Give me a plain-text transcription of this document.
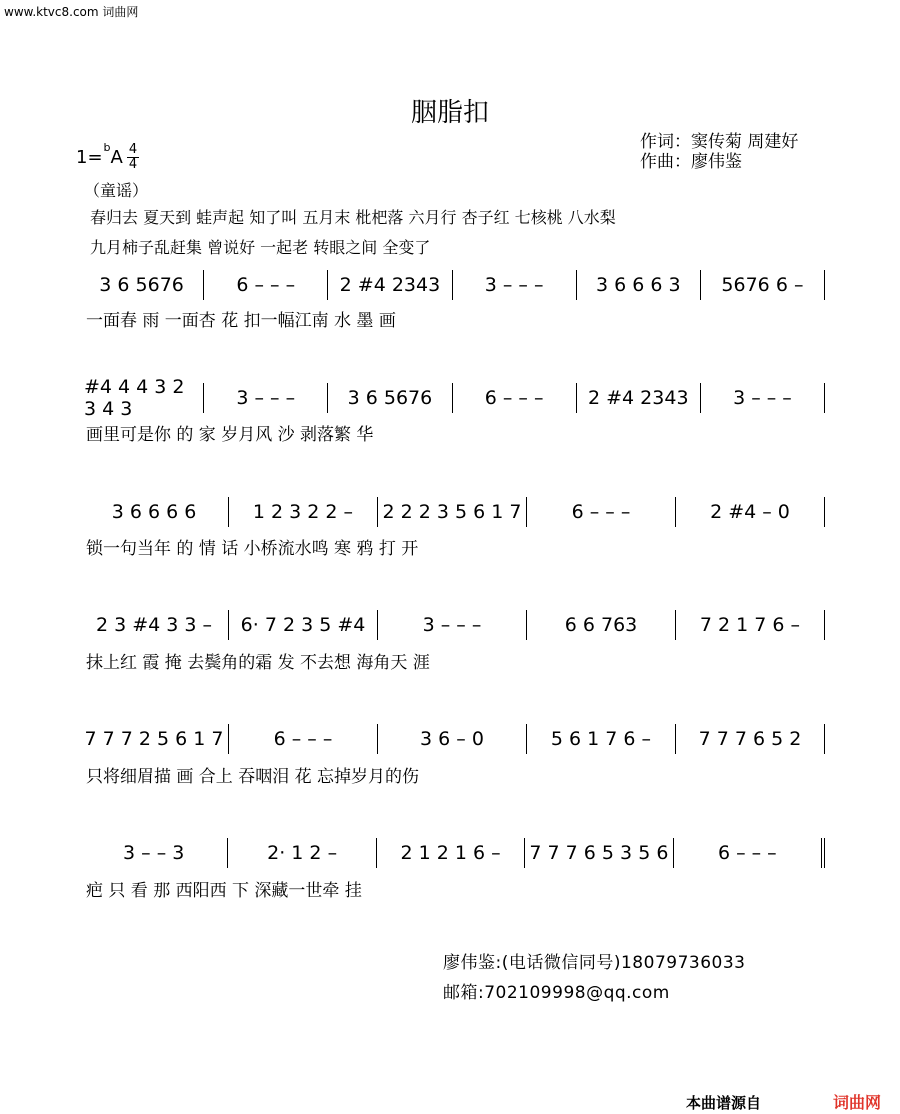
www.ktvc8.com 词曲网
胭脂扣
作词：窦传菊 周建好
作曲：廖伟鉴
$1=^bA \frac{4}{4}$
（童谣）
春归去 夏天到 蛙声起 知了叫 五月末 枇杷落 六月行 杏子红 七核桃 八水梨
九月柿子乱赶集 曾说好 一起老 转眼之间 全变了
3 6 5676	6 – – –	2 #4 2343	3 – – –	3 6 6 6 3	5676 6 –
一面春 雨 一面杏 花 扣一幅江南 水 墨 画
#4 4 4 3 2 3 4 3	3 – – –	3 6 5676	6 – – –	2 #4 2343	3 – – –
画里可是你 的 家 岁月风 沙 剥落繁 华
3 6 6 6 6	1 2 3 2 2 –	2 2 2 3 5 6 1 7	6 – – –	2 #4 – 0
锁一句当年 的 情 话 小桥流水鸣 寒 鸦 打 开
2 3 #4 3 3 –	6· 7 2 3 5 #4	3 – – –	6 6 763	7 2 1 7 6 –
抹上红 霞 掩 去鬓角的霜 发 不去想 海角天 涯
7 7 7 2 5 6 1 7	6 – – –	3 6 – 0	5 6 1 7 6 –	7 7 7 6 5 2
只将细眉描 画 合上 吞咽泪 花 忘掉岁月的伤
3 – – 3	2· 1 2 –	2 1 2 1 6 –	7 7 7 6 5 3 5 6	6 – – –
疤 只 看 那 西阳西 下 深藏一世牵 挂
廖伟鉴:(电话微信同号)18079736033
邮箱:702109998@qq.com
本曲谱源自	词曲网
